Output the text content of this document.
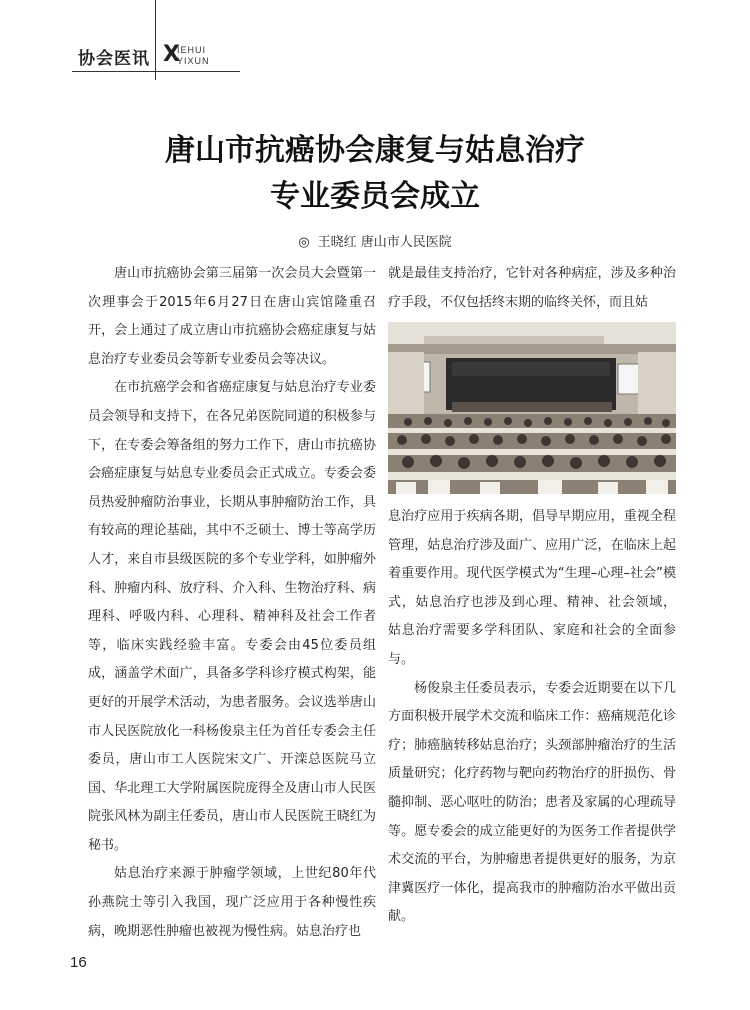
协会医讯 X
IEHUI
YIXUN
唐山市抗癌协会康复与姑息治疗
专业委员会成立
◎ 王晓红 唐山市人民医院

唐山市抗癌协会第三届第一次会员大会暨第一次理事会于2015年6月27日在唐山宾馆隆重召开，会上通过了成立唐山市抗癌协会癌症康复与姑息治疗专业委员会等新专业委员会等决议。

在市抗癌学会和省癌症康复与姑息治疗专业委员会领导和支持下，在各兄弟医院同道的积极参与下，在专委会筹备组的努力工作下，唐山市抗癌协会癌症康复与姑息专业委员会正式成立。专委会委员热爱肿瘤防治事业，长期从事肿瘤防治工作，具有较高的理论基础，其中不乏硕士、博士等高学历人才，来自市县级医院的多个专业学科，如肿瘤外科、肿瘤内科、放疗科、介入科、生物治疗科、病理科、呼吸内科、心理科、精神科及社会工作者等，临床实践经验丰富。专委会由45位委员组成，涵盖学术面广，具备多学科诊疗模式构架，能更好的开展学术活动，为患者服务。会议选举唐山市人民医院放化一科杨俊泉主任为首任专委会主任委员，唐山市工人医院宋文广、开滦总医院马立国、华北理工大学附属医院庞得全及唐山市人民医院张风林为副主任委员，唐山市人民医院王晓红为秘书。

姑息治疗来源于肿瘤学领域，上世纪80年代孙燕院士等引入我国，现广泛应用于各种慢性疾病，晚期恶性肿瘤也被视为慢性病。姑息治疗也

就是最佳支持治疗，它针对各种病症，涉及多种治疗手段，不仅包括终末期的临终关怀，而且姑

息治疗应用于疾病各期，倡导早期应用，重视全程管理，姑息治疗涉及面广、应用广泛，在临床上起着重要作用。现代医学模式为“生理–心理–社会”模式，姑息治疗也涉及到心理、精神、社会领域， 姑息治疗需要多学科团队、家庭和社会的全面参与。

杨俊泉主任委员表示，专委会近期要在以下几方面积极开展学术交流和临床工作：癌痛规范化诊疗；肺癌脑转移姑息治疗；头颈部肿瘤治疗的生活质量研究；化疗药物与靶向药物治疗的肝损伤、骨髓抑制、恶心呕吐的防治；患者及家属的心理疏导等。愿专委会的成立能更好的为医务工作者提供学术交流的平台，为肿瘤患者提供更好的服务，为京津冀医疗一体化，提高我市的肿瘤防治水平做出贡献。

16
